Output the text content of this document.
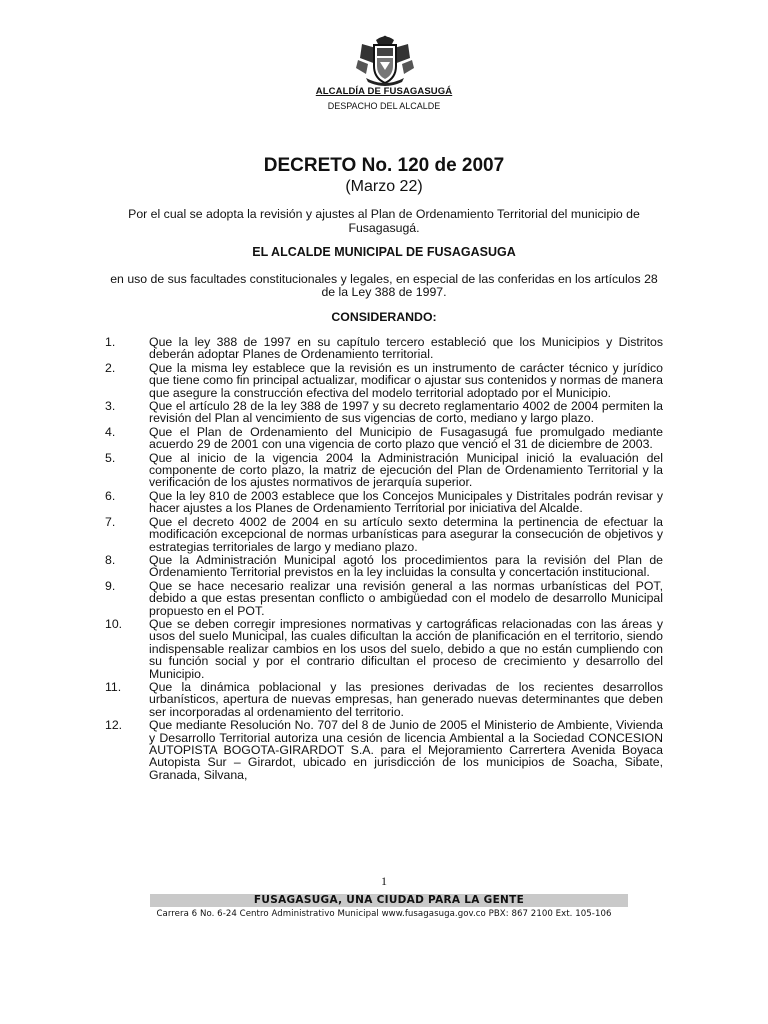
ALCALDÍA DE FUSAGASUGÁ
DESPACHO DEL ALCALDE
DECRETO No. 120 de 2007
(Marzo 22)
Por el cual se adopta la revisión y ajustes al Plan de Ordenamiento Territorial del municipio de Fusagasugá.
EL ALCALDE MUNICIPAL DE FUSAGASUGA
en uso de sus facultades constitucionales y legales, en especial de las conferidas en los artículos 28 de la Ley 388 de 1997.
CONSIDERANDO:
1.	Que la ley 388 de 1997 en su capítulo tercero estableció que los Municipios y Distritos deberán adoptar Planes de Ordenamiento territorial.
2.	Que la misma ley establece que la revisión es un instrumento de carácter técnico y jurídico que tiene como fin principal actualizar, modificar o ajustar sus contenidos y normas de manera que asegure la construcción efectiva del modelo territorial adoptado por el Municipio.
3.	Que el artículo 28 de la ley 388 de 1997 y su decreto reglamentario 4002 de 2004 permiten la revisión del Plan al vencimiento de sus vigencias de corto, mediano y largo plazo.
4.	Que el Plan de Ordenamiento del Municipio de Fusagasugá fue promulgado mediante acuerdo 29 de 2001 con una vigencia de corto plazo que venció el 31 de diciembre de 2003.
5.	Que al inicio de la vigencia 2004 la Administración Municipal inició la evaluación del componente de corto plazo, la matriz de ejecución del Plan de Ordenamiento Territorial y la verificación de los ajustes normativos de jerarquía superior.
6.	Que la ley 810 de 2003 establece que los Concejos Municipales y Distritales podrán revisar y hacer ajustes a los Planes de Ordenamiento Territorial por iniciativa del Alcalde.
7.	Que el decreto 4002 de 2004 en su artículo sexto determina la pertinencia de efectuar la modificación excepcional de normas urbanísticas para asegurar la consecución de objetivos y estrategias territoriales de largo y mediano plazo.
8.	Que la Administración Municipal agotó los procedimientos para la revisión del Plan de Ordenamiento Territorial previstos en la ley incluidas la consulta y concertación institucional.
9.	Que se hace necesario realizar una revisión general a las normas urbanísticas del POT, debido a que estas presentan conflicto o ambigüedad con el modelo de desarrollo Municipal propuesto en el POT.
10.	Que se deben corregir impresiones normativas y cartográficas relacionadas con las áreas y usos del suelo Municipal, las cuales dificultan la acción de planificación en el territorio, siendo indispensable realizar cambios en los usos del suelo, debido a que no están cumpliendo con su función social y por el contrario dificultan el proceso de crecimiento y desarrollo del Municipio.
11.	Que la dinámica poblacional y las presiones derivadas de los recientes desarrollos urbanísticos, apertura de nuevas empresas, han generado nuevas determinantes que deben ser incorporadas al ordenamiento del territorio.
12.	Que mediante Resolución No. 707 del 8 de Junio de 2005 el Ministerio de Ambiente, Vivienda y Desarrollo Territorial autoriza una cesión de licencia Ambiental a la Sociedad CONCESION AUTOPISTA BOGOTA-GIRARDOT S.A. para el Mejoramiento Carrertera Avenida Boyaca Autopista Sur – Girardot, ubicado en jurisdicción de los municipios de Soacha, Sibate, Granada, Silvana,
1
FUSAGASUGA, UNA CIUDAD PARA LA GENTE
Carrera 6 No. 6-24 Centro Administrativo Municipal www.fusagasuga.gov.co PBX: 867 2100 Ext. 105-106
